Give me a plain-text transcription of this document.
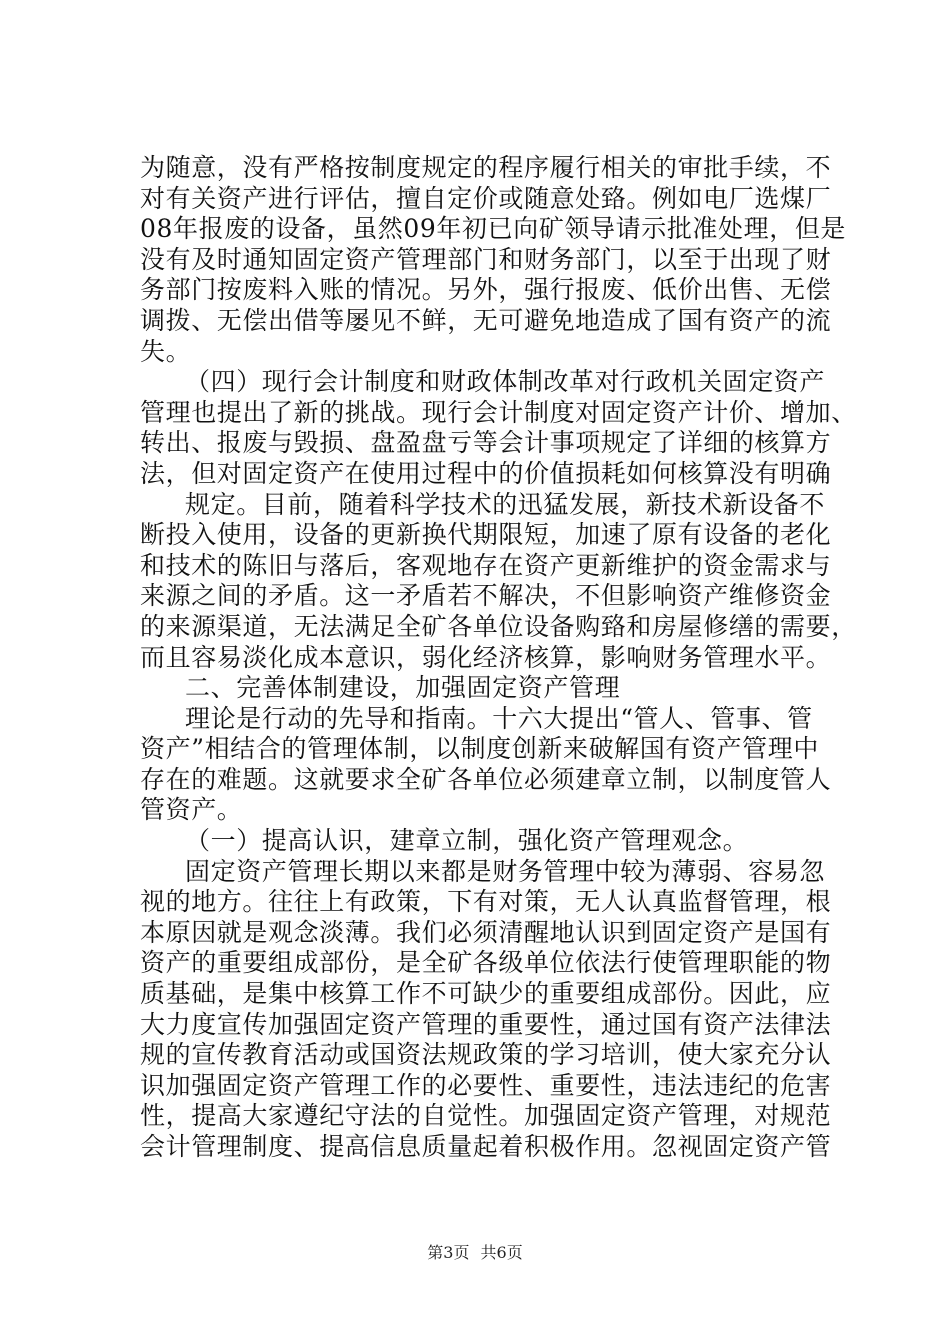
为随意，没有严格按制度规定的程序履行相关的审批手续，不
对有关资产进行评估，擅自定价或随意处臵。例如电厂选煤厂
08年报废的设备，虽然09年初已向矿领导请示批准处理，但是
没有及时通知固定资产管理部门和财务部门，以至于出现了财
务部门按废料入账的情况。另外，强行报废、低价出售、无偿
调拨、无偿出借等屡见不鲜，无可避免地造成了国有资产的流
失。
（四）现行会计制度和财政体制改革对行政机关固定资产
管理也提出了新的挑战。现行会计制度对固定资产计价、增加、
转出、报废与毁损、盘盈盘亏等会计事项规定了详细的核算方
法，但对固定资产在使用过程中的价值损耗如何核算没有明确
规定。目前，随着科学技术的迅猛发展，新技术新设备不
断投入使用，设备的更新换代期限短，加速了原有设备的老化
和技术的陈旧与落后，客观地存在资产更新维护的资金需求与
来源之间的矛盾。这一矛盾若不解决，不但影响资产维修资金
的来源渠道，无法满足全矿各单位设备购臵和房屋修缮的需要，
而且容易淡化成本意识，弱化经济核算，影响财务管理水平。
二、完善体制建设，加强固定资产管理
理论是行动的先导和指南。十六大提出“管人、管事、管
资产”相结合的管理体制，以制度创新来破解国有资产管理中
存在的难题。这就要求全矿各单位必须建章立制，以制度管人
管资产。
（一）提高认识，建章立制，强化资产管理观念。
固定资产管理长期以来都是财务管理中较为薄弱、容易忽
视的地方。往往上有政策，下有对策，无人认真监督管理，根
本原因就是观念淡薄。我们必须清醒地认识到固定资产是国有
资产的重要组成部份，是全矿各级单位依法行使管理职能的物
质基础，是集中核算工作不可缺少的重要组成部份。因此，应
大力度宣传加强固定资产管理的重要性，通过国有资产法律法
规的宣传教育活动或国资法规政策的学习培训，使大家充分认
识加强固定资产管理工作的必要性、重要性，违法违纪的危害
性，提高大家遵纪守法的自觉性。加强固定资产管理，对规范
会计管理制度、提高信息质量起着积极作用。忽视固定资产管
第3页 共6页
